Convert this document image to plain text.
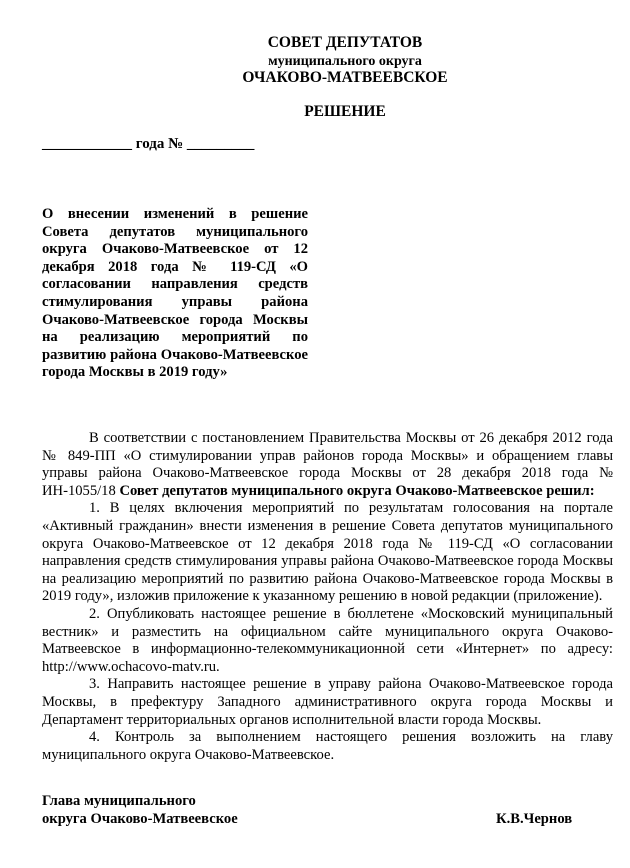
СОВЕТ ДЕПУТАТОВ
муниципального округа
ОЧАКОВО-МАТВЕЕВСКОЕ
РЕШЕНИЕ
____________ года № _________
О внесении изменений в решение Совета депутатов муниципального округа Очаково-Матвеевское от 12 декабря 2018 года № 119-СД «О согласовании направления средств стимулирования управы района Очаково-Матвеевское города Москвы на реализацию мероприятий по развитию района Очаково-Матвеевское города Москвы в 2019 году»

В соответствии с постановлением Правительства Москвы от 26 декабря 2012 года № 849-ПП «О стимулировании управ районов города Москвы» и обращением главы управы района Очаково-Матвеевское города Москвы от 28 декабря 2018 года № ИН-1055/18 Совет депутатов муниципального округа Очаково-Матвеевское решил:

1. В целях включения мероприятий по результатам голосования на портале «Активный гражданин» внести изменения в решение Совета депутатов муниципального округа Очаково-Матвеевское от 12 декабря 2018 года № 119-СД «О согласовании направления средств стимулирования управы района Очаково-Матвеевское города Москвы на реализацию мероприятий по развитию района Очаково-Матвеевское города Москвы в 2019 году», изложив приложение к указанному решению в новой редакции (приложение).

2. Опубликовать настоящее решение в бюллетене «Московский муниципальный вестник» и разместить на официальном сайте муниципального округа Очаково-Матвеевское в информационно-телекоммуникационной сети «Интернет» по адресу: http://www.ochacovo-matv.ru.

3. Направить настоящее решение в управу района Очаково-Матвеевское города Москвы, в префектуру Западного административного округа города Москвы и Департамент территориальных органов исполнительной власти города Москвы.

4. Контроль за выполнением настоящего решения возложить на главу муниципального округа Очаково-Матвеевское.

Глава муниципального
округа Очаково-Матвеевское	К.В.Чернов
